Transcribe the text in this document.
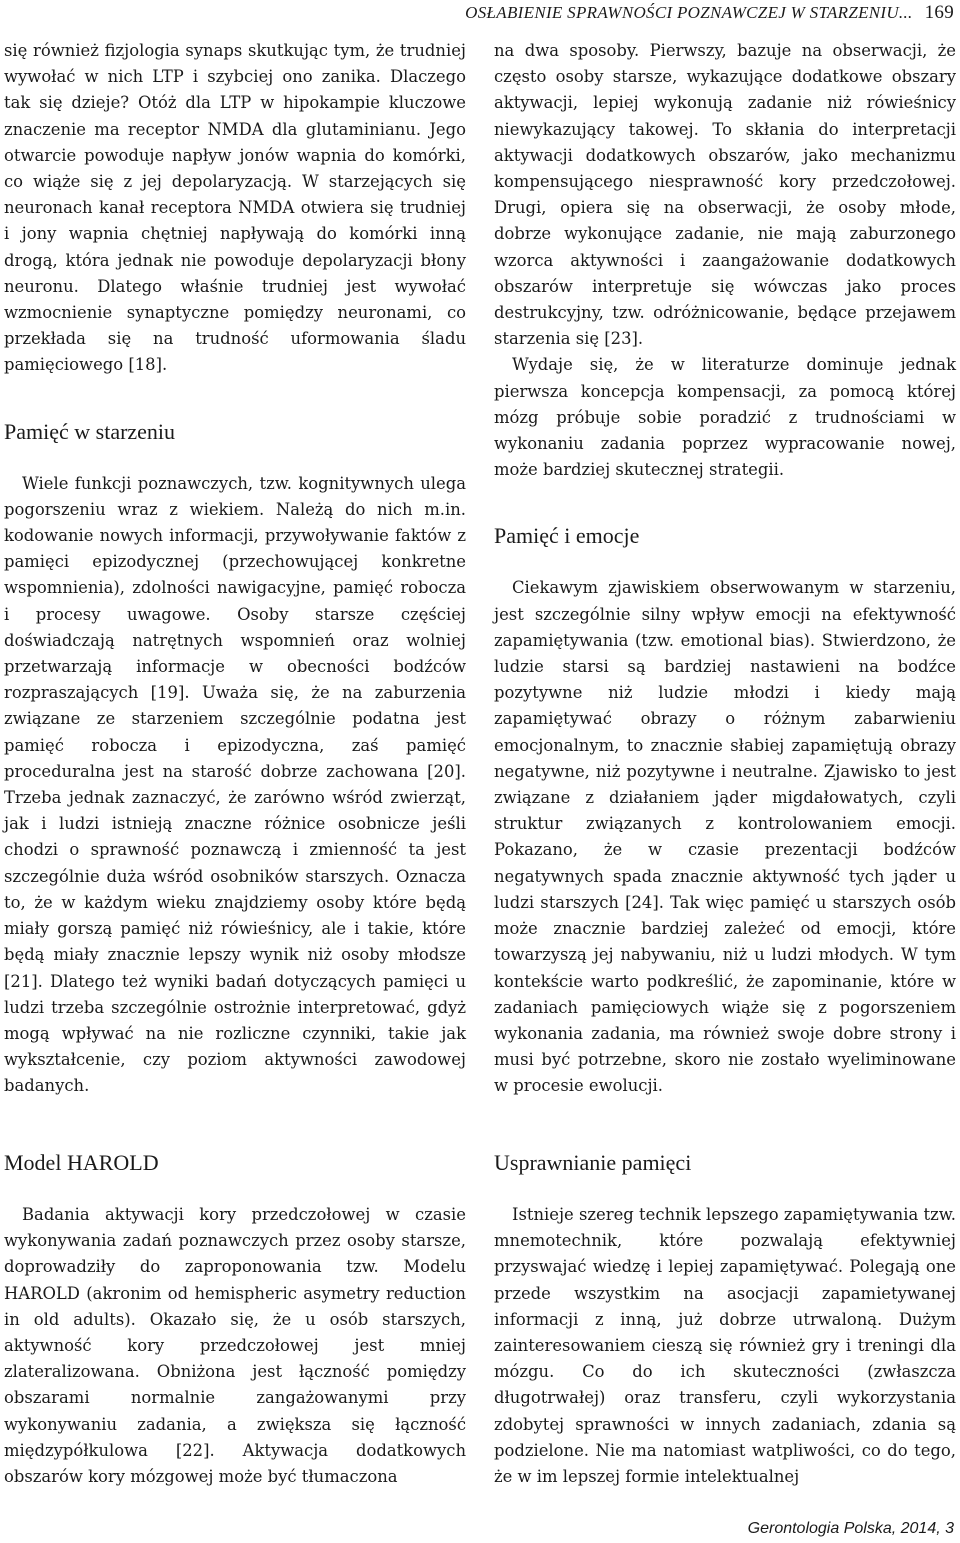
OSŁABIENIE SPRAWNOŚCI POZNAWCZEJ W STARZENIU... 169

się również fizjologia synaps skutkując tym, że trudniej wywołać w nich LTP i szybciej ono zanika. Dlaczego tak się dzieje? Otóż dla LTP w hipokampie kluczowe znaczenie ma receptor NMDA dla glutaminianu. Jego otwarcie powoduje napływ jonów wapnia do komórki, co wiąże się z jej depolaryzacją. W starzejących się neuronach kanał receptora NMDA otwiera się trudniej i jony wapnia chętniej napływają do komórki inną drogą, która jednak nie powoduje depolaryzacji błony neuronu. Dlatego właśnie trudniej jest wywołać wzmocnienie synaptyczne pomiędzy neuronami, co przekłada się na trudność uformowania śladu pamięciowego [18].

Pamięć w starzeniu

Wiele funkcji poznawczych, tzw. kognitywnych ulega pogorszeniu wraz z wiekiem. Należą do nich m.in. kodowanie nowych informacji, przywoływanie faktów z pamięci epizodycznej (przechowującej konkretne wspomnienia), zdolności nawigacyjne, pamięć robocza i procesy uwagowe. Osoby starsze częściej doświadczają natrętnych wspomnień oraz wolniej przetwarzają informacje w obecności bodźców rozpraszających [19]. Uważa się, że na zaburzenia związane ze starzeniem szczególnie podatna jest pamięć robocza i epizodyczna, zaś pamięć proceduralna jest na starość dobrze zachowana [20]. Trzeba jednak zaznaczyć, że zarówno wśród zwierząt, jak i ludzi istnieją znaczne różnice osobnicze jeśli chodzi o sprawność poznawczą i zmienność ta jest szczególnie duża wśród osobników starszych. Oznacza to, że w każdym wieku znajdziemy osoby które będą miały gorszą pamięć niż rówieśnicy, ale i takie, które będą miały znacznie lepszy wynik niż osoby młodsze [21]. Dlatego też wyniki badań dotyczących pamięci u ludzi trzeba szczególnie ostrożnie interpretować, gdyż mogą wpływać na nie rozliczne czynniki, takie jak wykształcenie, czy poziom aktywności zawodowej badanych.

na dwa sposoby. Pierwszy, bazuje na obserwacji, że często osoby starsze, wykazujące dodatkowe obszary aktywacji, lepiej wykonują zadanie niż rówieśnicy niewykazujący takowej. To skłania do interpretacji aktywacji dodatkowych obszarów, jako mechanizmu kompensującego niesprawność kory przedczołowej. Drugi, opiera się na obserwacji, że osoby młode, dobrze wykonujące zadanie, nie mają zaburzonego wzorca aktywności i zaangażowanie dodatkowych obszarów interpretuje się wówczas jako proces destrukcyjny, tzw. odróżnicowanie, będące przejawem starzenia się [23].

Wydaje się, że w literaturze dominuje jednak pierwsza koncepcja kompensacji, za pomocą której mózg próbuje sobie poradzić z trudnościami w wykonaniu zadania poprzez wypracowanie nowej, może bardziej skutecznej strategii.

Pamięć i emocje

Ciekawym zjawiskiem obserwowanym w starzeniu, jest szczególnie silny wpływ emocji na efektywność zapamiętywania (tzw. emotional bias). Stwierdzono, że ludzie starsi są bardziej nastawieni na bodźce pozytywne niż ludzie młodzi i kiedy mają zapamiętywać obrazy o różnym zabarwieniu emocjonalnym, to znacznie słabiej zapamiętują obrazy negatywne, niż pozytywne i neutralne. Zjawisko to jest związane z działaniem jąder migdałowatych, czyli struktur związanych z kontrolowaniem emocji. Pokazano, że w czasie prezentacji bodźców negatywnych spada znacznie aktywność tych jąder u ludzi starszych [24]. Tak więc pamięć u starszych osób może znacznie bardziej zależeć od emocji, które towarzyszą jej nabywaniu, niż u ludzi młodych. W tym kontekście warto podkreślić, że zapominanie, które w zadaniach pamięciowych wiąże się z pogorszeniem wykonania zadania, ma również swoje dobre strony i musi być potrzebne, skoro nie zostało wyeliminowane w procesie ewolucji.

Model HAROLD

Badania aktywacji kory przedczołowej w czasie wykonywania zadań poznawczych przez osoby starsze, doprowadziły do zaproponowania tzw. Modelu HAROLD (akronim od hemispheric asymetry reduction in old adults). Okazało się, że u osób starszych, aktywność kory przedczołowej jest mniej zlateralizowana. Obniżona jest łączność pomiędzy obszarami normalnie zangażowanymi przy wykonywaniu zadania, a zwiększa się łączność międzypółkulowa [22]. Aktywacja dodatkowych obszarów kory mózgowej może być tłumaczona

Usprawnianie pamięci

Istnieje szereg technik lepszego zapamiętywania tzw. mnemotechnik, które pozwalają efektywniej przyswajać wiedzę i lepiej zapamiętywać. Polegają one przede wszystkim na asocjacji zapamietywanej informacji z inną, już dobrze utrwaloną. Dużym zainteresowaniem cieszą się również gry i treningi dla mózgu. Co do ich skuteczności (zwłaszcza długotrwałej) oraz transferu, czyli wykorzystania zdobytej sprawności w innych zadaniach, zdania są podzielone. Nie ma natomiast watpliwości, co do tego, że w im lepszej formie intelektualnej

Gerontologia Polska, 2014, 3
